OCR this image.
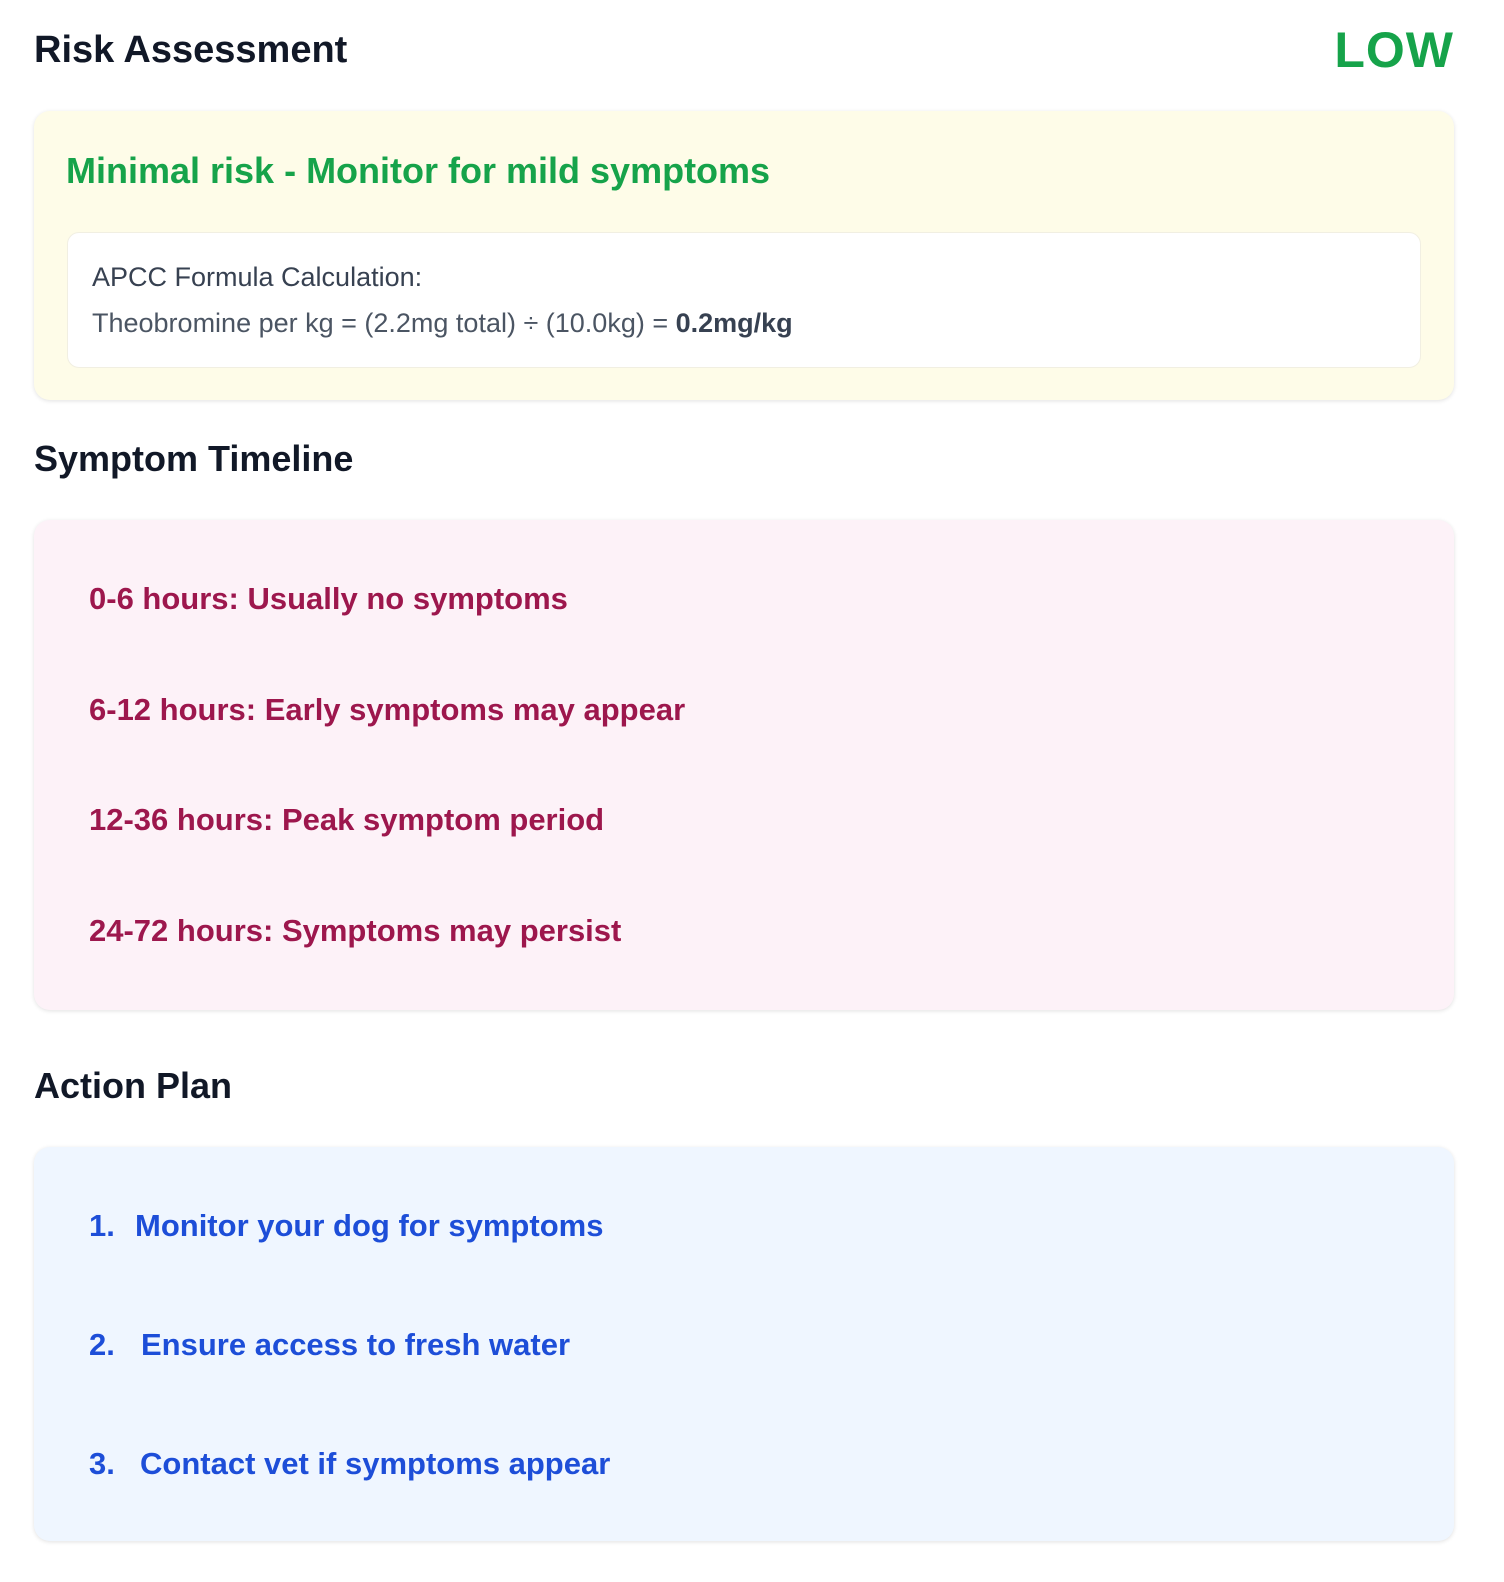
Risk Assessment	LOW
Minimal risk - Monitor for mild symptoms
APCC Formula Calculation:
Theobromine per kg = (2.2mg total) ÷ (10.0kg) = 0.2mg/kg
Symptom Timeline
0-6 hours: Usually no symptoms
6-12 hours: Early symptoms may appear
12-36 hours: Peak symptom period
24-72 hours: Symptoms may persist
Action Plan
1. Monitor your dog for symptoms
2. Ensure access to fresh water
3. Contact vet if symptoms appear
